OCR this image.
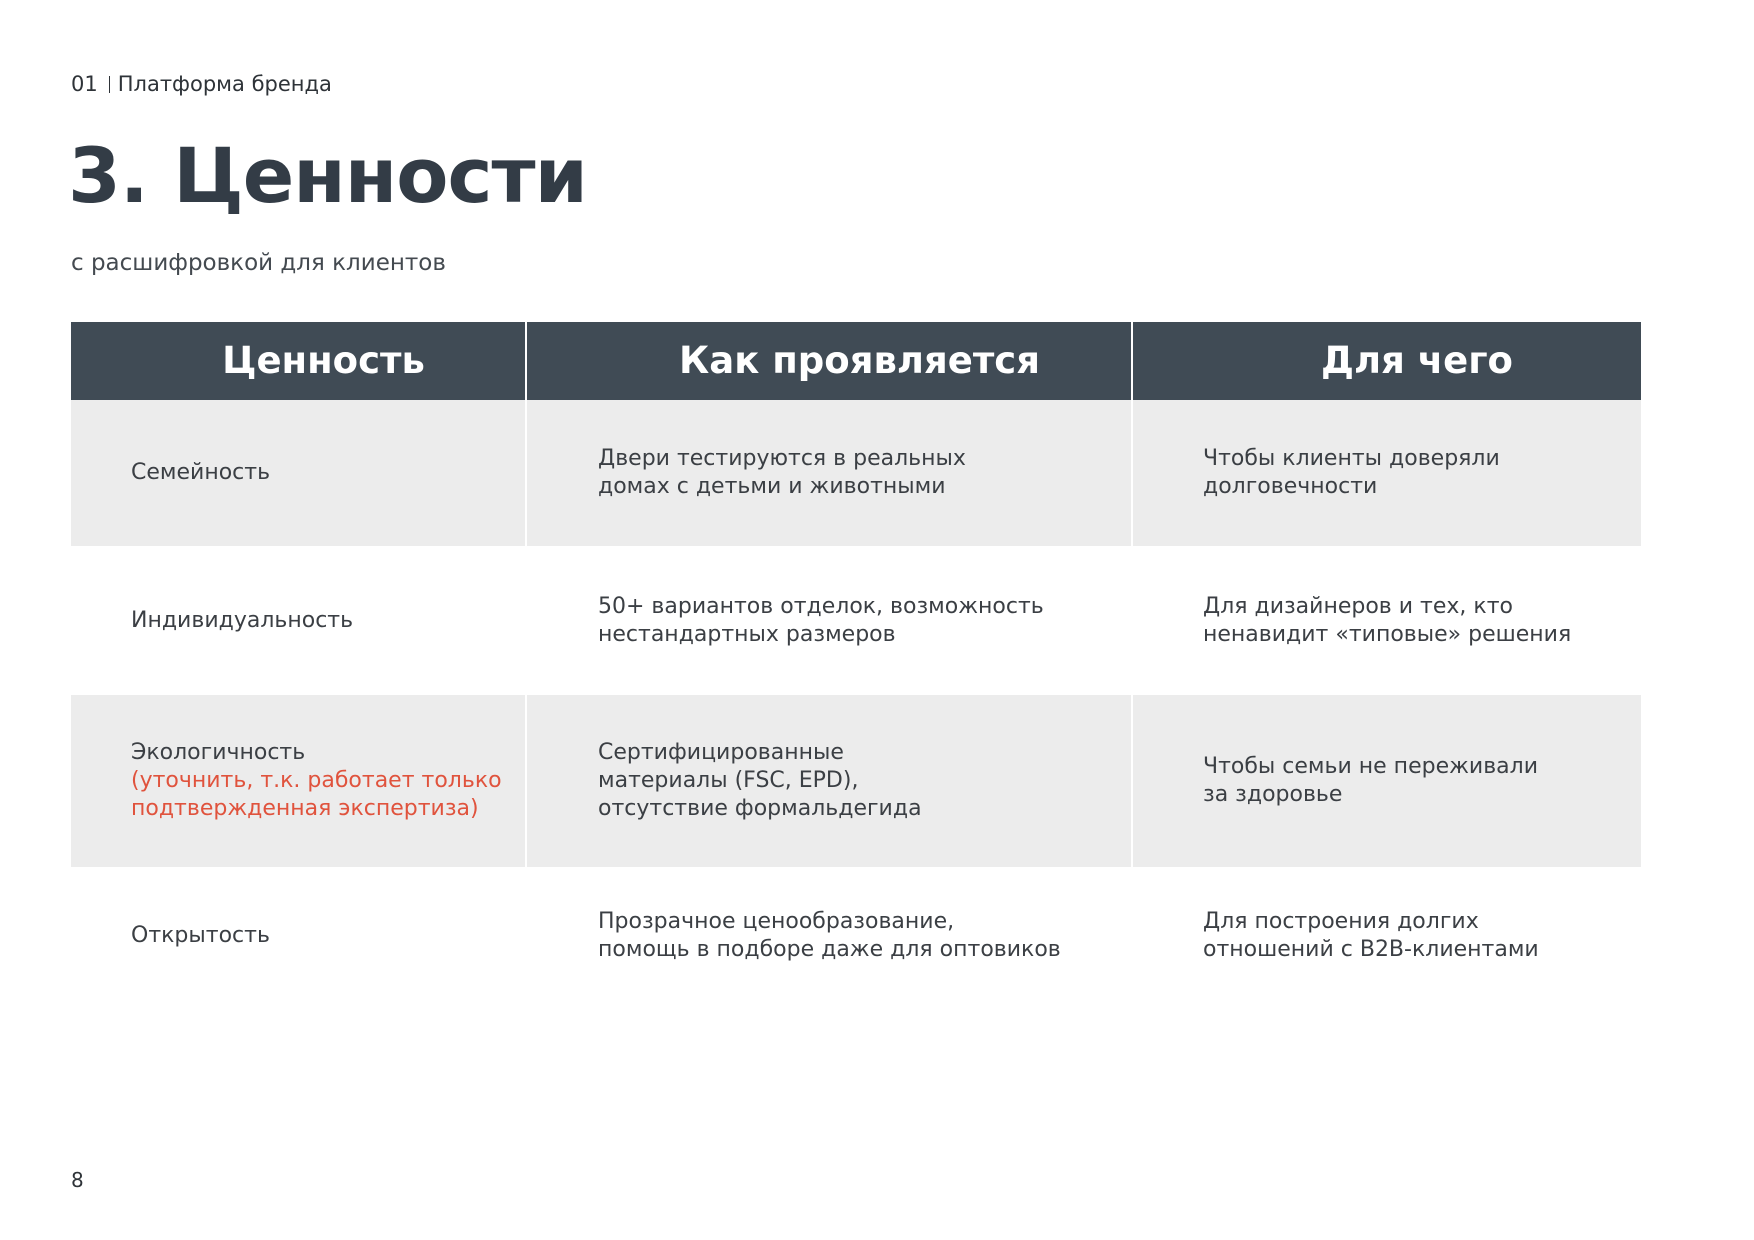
01 Платформа бренда
3. Ценности
с расшифровкой для клиентов
Ценность	Как проявляется	Для чего
Семейность
Двери тестируются в реальных
домах с детьми и животными
Чтобы клиенты доверяли
долговечности
Индивидуальность
50+ вариантов отделок, возможность
нестандартных размеров
Для дизайнеров и тех, кто
ненавидит «типовые» решения
Экологичность
(уточнить, т.к. работает только
подтвержденная экспертиза)
Сертифицированные
материалы (FSC, EPD),
отсутствие формальдегида
Чтобы семьи не переживали
за здоровье
Открытость
Прозрачное ценообразование,
помощь в подборе даже для оптовиков
Для построения долгих
отношений с B2B-клиентами
8
